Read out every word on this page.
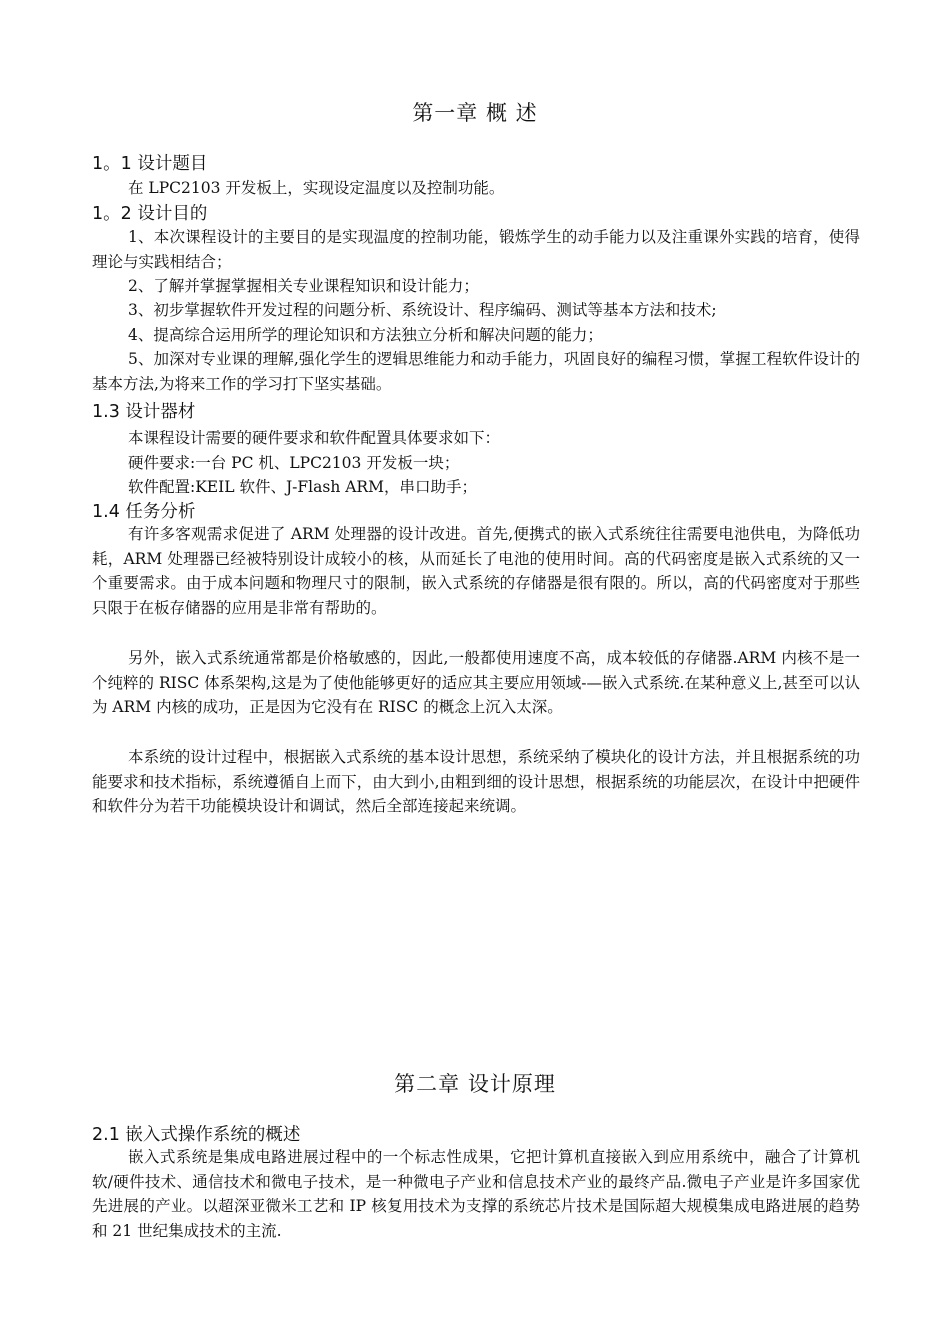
第一章 概 述
1。1 设计题目
在 LPC2103 开发板上，实现设定温度以及控制功能。
1。2 设计目的
1、本次课程设计的主要目的是实现温度的控制功能，锻炼学生的动手能力以及注重课外实践的培育，使得理论与实践相结合；
2、了解并掌握掌握相关专业课程知识和设计能力；
3、初步掌握软件开发过程的问题分析、系统设计、程序编码、测试等基本方法和技术;
4、提高综合运用所学的理论知识和方法独立分析和解决问题的能力；
5、加深对专业课的理解,强化学生的逻辑思维能力和动手能力，巩固良好的编程习惯，掌握工程软件设计的基本方法,为将来工作的学习打下坚实基础。
1.3 设计器材
本课程设计需要的硬件要求和软件配置具体要求如下：
硬件要求:一台 PC 机、LPC2103 开发板一块；
软件配置:KEIL 软件、J-Flash ARM，串口助手；
1.4 任务分析
有许多客观需求促进了 ARM 处理器的设计改进。首先,便携式的嵌入式系统往往需要电池供电，为降低功耗，ARM 处理器已经被特别设计成较小的核，从而延长了电池的使用时间。高的代码密度是嵌入式系统的又一个重要需求。由于成本问题和物理尺寸的限制，嵌入式系统的存储器是很有限的。所以，高的代码密度对于那些只限于在板存储器的应用是非常有帮助的。
另外，嵌入式系统通常都是价格敏感的，因此,一般都使用速度不高，成本较低的存储器.ARM 内核不是一个纯粹的 RISC 体系架构,这是为了使他能够更好的适应其主要应用领域-—嵌入式系统.在某种意义上,甚至可以认为 ARM 内核的成功，正是因为它没有在 RISC 的概念上沉入太深。
本系统的设计过程中，根据嵌入式系统的基本设计思想，系统采纳了模块化的设计方法，并且根据系统的功能要求和技术指标，系统遵循自上而下，由大到小,由粗到细的设计思想，根据系统的功能层次，在设计中把硬件和软件分为若干功能模块设计和调试，然后全部连接起来统调。
第二章 设计原理
2.1 嵌入式操作系统的概述
嵌入式系统是集成电路进展过程中的一个标志性成果，它把计算机直接嵌入到应用系统中，融合了计算机软/硬件技术、通信技术和微电子技术，是一种微电子产业和信息技术产业的最终产品.微电子产业是许多国家优先进展的产业。以超深亚微米工艺和 IP 核复用技术为支撑的系统芯片技术是国际超大规模集成电路进展的趋势和 21 世纪集成技术的主流.
